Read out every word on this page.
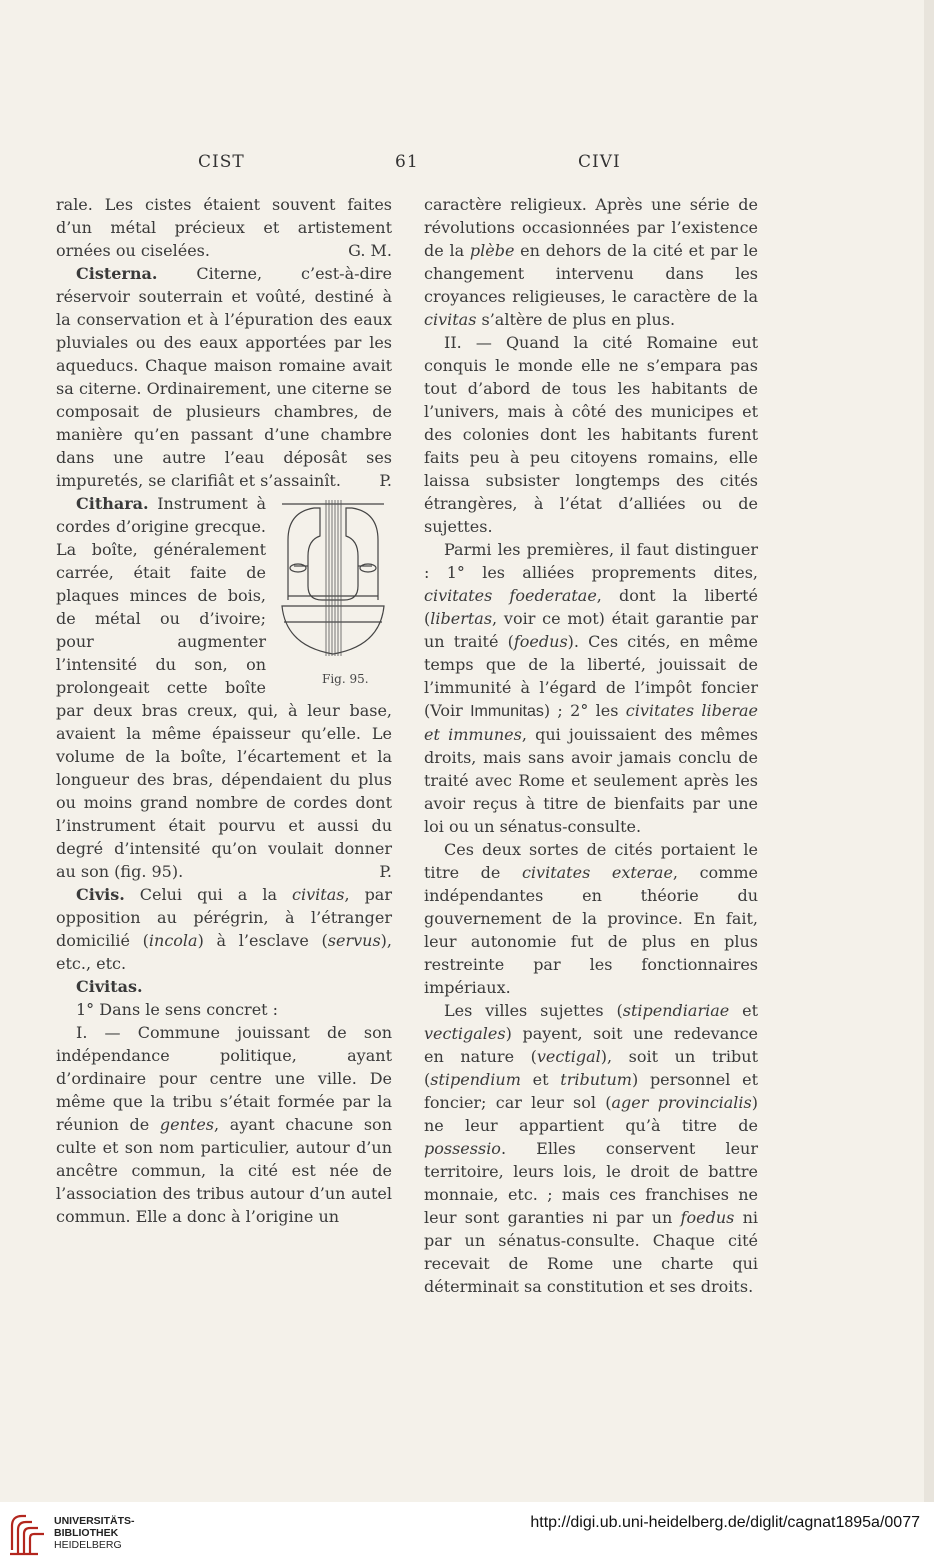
CIST	61	CIVI

rale. Les cistes étaient souvent faites d’un métal précieux et artistement ornées ou ciselées.	G. M.

Cisterna. Citerne, c’est-à-dire réservoir souterrain et voûté, destiné à la conservation et à l’épuration des eaux pluviales ou des eaux apportées par les aqueducs. Chaque maison romaine avait sa citerne. Ordinairement, une citerne se composait de plusieurs chambres, de manière qu’en passant d’une chambre dans une autre l’eau déposât ses impuretés, se clarifiât et s’assainît.	P.

Fig. 95.
Cithara. Instrument à cordes d’origine grecque. La boîte, généralement carrée, était faite de plaques minces de bois, de métal ou d’ivoire; pour augmenter l’intensité du son, on prolongeait cette boîte par deux bras creux, qui, à leur base, avaient la même épaisseur qu’elle. Le volume de la boîte, l’écartement et la longueur des bras, dépendaient du plus ou moins grand nombre de cordes dont l’instrument était pourvu et aussi du degré d’intensité qu’on voulait donner au son (fig. 95).	P.

Civis. Celui qui a la civitas, par opposition au pérégrin, à l’étranger domicilié (incola) à l’esclave (servus), etc., etc.

Civitas.

1° Dans le sens concret :

I. — Commune jouissant de son indépendance politique, ayant d’ordinaire pour centre une ville. De même que la tribu s’était formée par la réunion de gentes, ayant chacune son culte et son nom particulier, autour d’un ancêtre commun, la cité est née de l’association des tribus autour d’un autel commun. Elle a donc à l’origine un

caractère religieux. Après une série de révolutions occasionnées par l’existence de la plèbe en dehors de la cité et par le changement intervenu dans les croyances religieuses, le caractère de la civitas s’altère de plus en plus.

II. — Quand la cité Romaine eut conquis le monde elle ne s’empara pas tout d’abord de tous les habitants de l’univers, mais à côté des municipes et des colonies dont les habitants furent faits peu à peu citoyens romains, elle laissa subsister longtemps des cités étrangères, à l’état d’alliées ou de sujettes.

Parmi les premières, il faut distinguer : 1° les alliées proprements dites, civitates foederatae, dont la liberté (libertas, voir ce mot) était garantie par un traité (foedus). Ces cités, en même temps que de la liberté, jouissait de l’immunité à l’égard de l’impôt foncier (Voir Immunitas) ; 2° les civitates liberae et immunes, qui jouissaient des mêmes droits, mais sans avoir jamais conclu de traité avec Rome et seulement après les avoir reçus à titre de bienfaits par une loi ou un sénatus-consulte.

Ces deux sortes de cités portaient le titre de civitates exterae, comme indépendantes en théorie du gouvernement de la province. En fait, leur autonomie fut de plus en plus restreinte par les fonctionnaires impériaux.

Les villes sujettes (stipendiariae et vectigales) payent, soit une redevance en nature (vectigal), soit un tribut (stipendium et tributum) personnel et foncier; car leur sol (ager provincialis) ne leur appartient qu’à titre de possessio. Elles conservent leur territoire, leurs lois, le droit de battre monnaie, etc. ; mais ces franchises ne leur sont garanties ni par un foedus ni par un sénatus-consulte. Chaque cité recevait de Rome une charte qui déterminait sa constitution et ses droits.

UNIVERSITÄTS-
BIBLIOTHEK
HEIDELBERG
http://digi.ub.uni-heidelberg.de/diglit/cagnat1895a/0077
